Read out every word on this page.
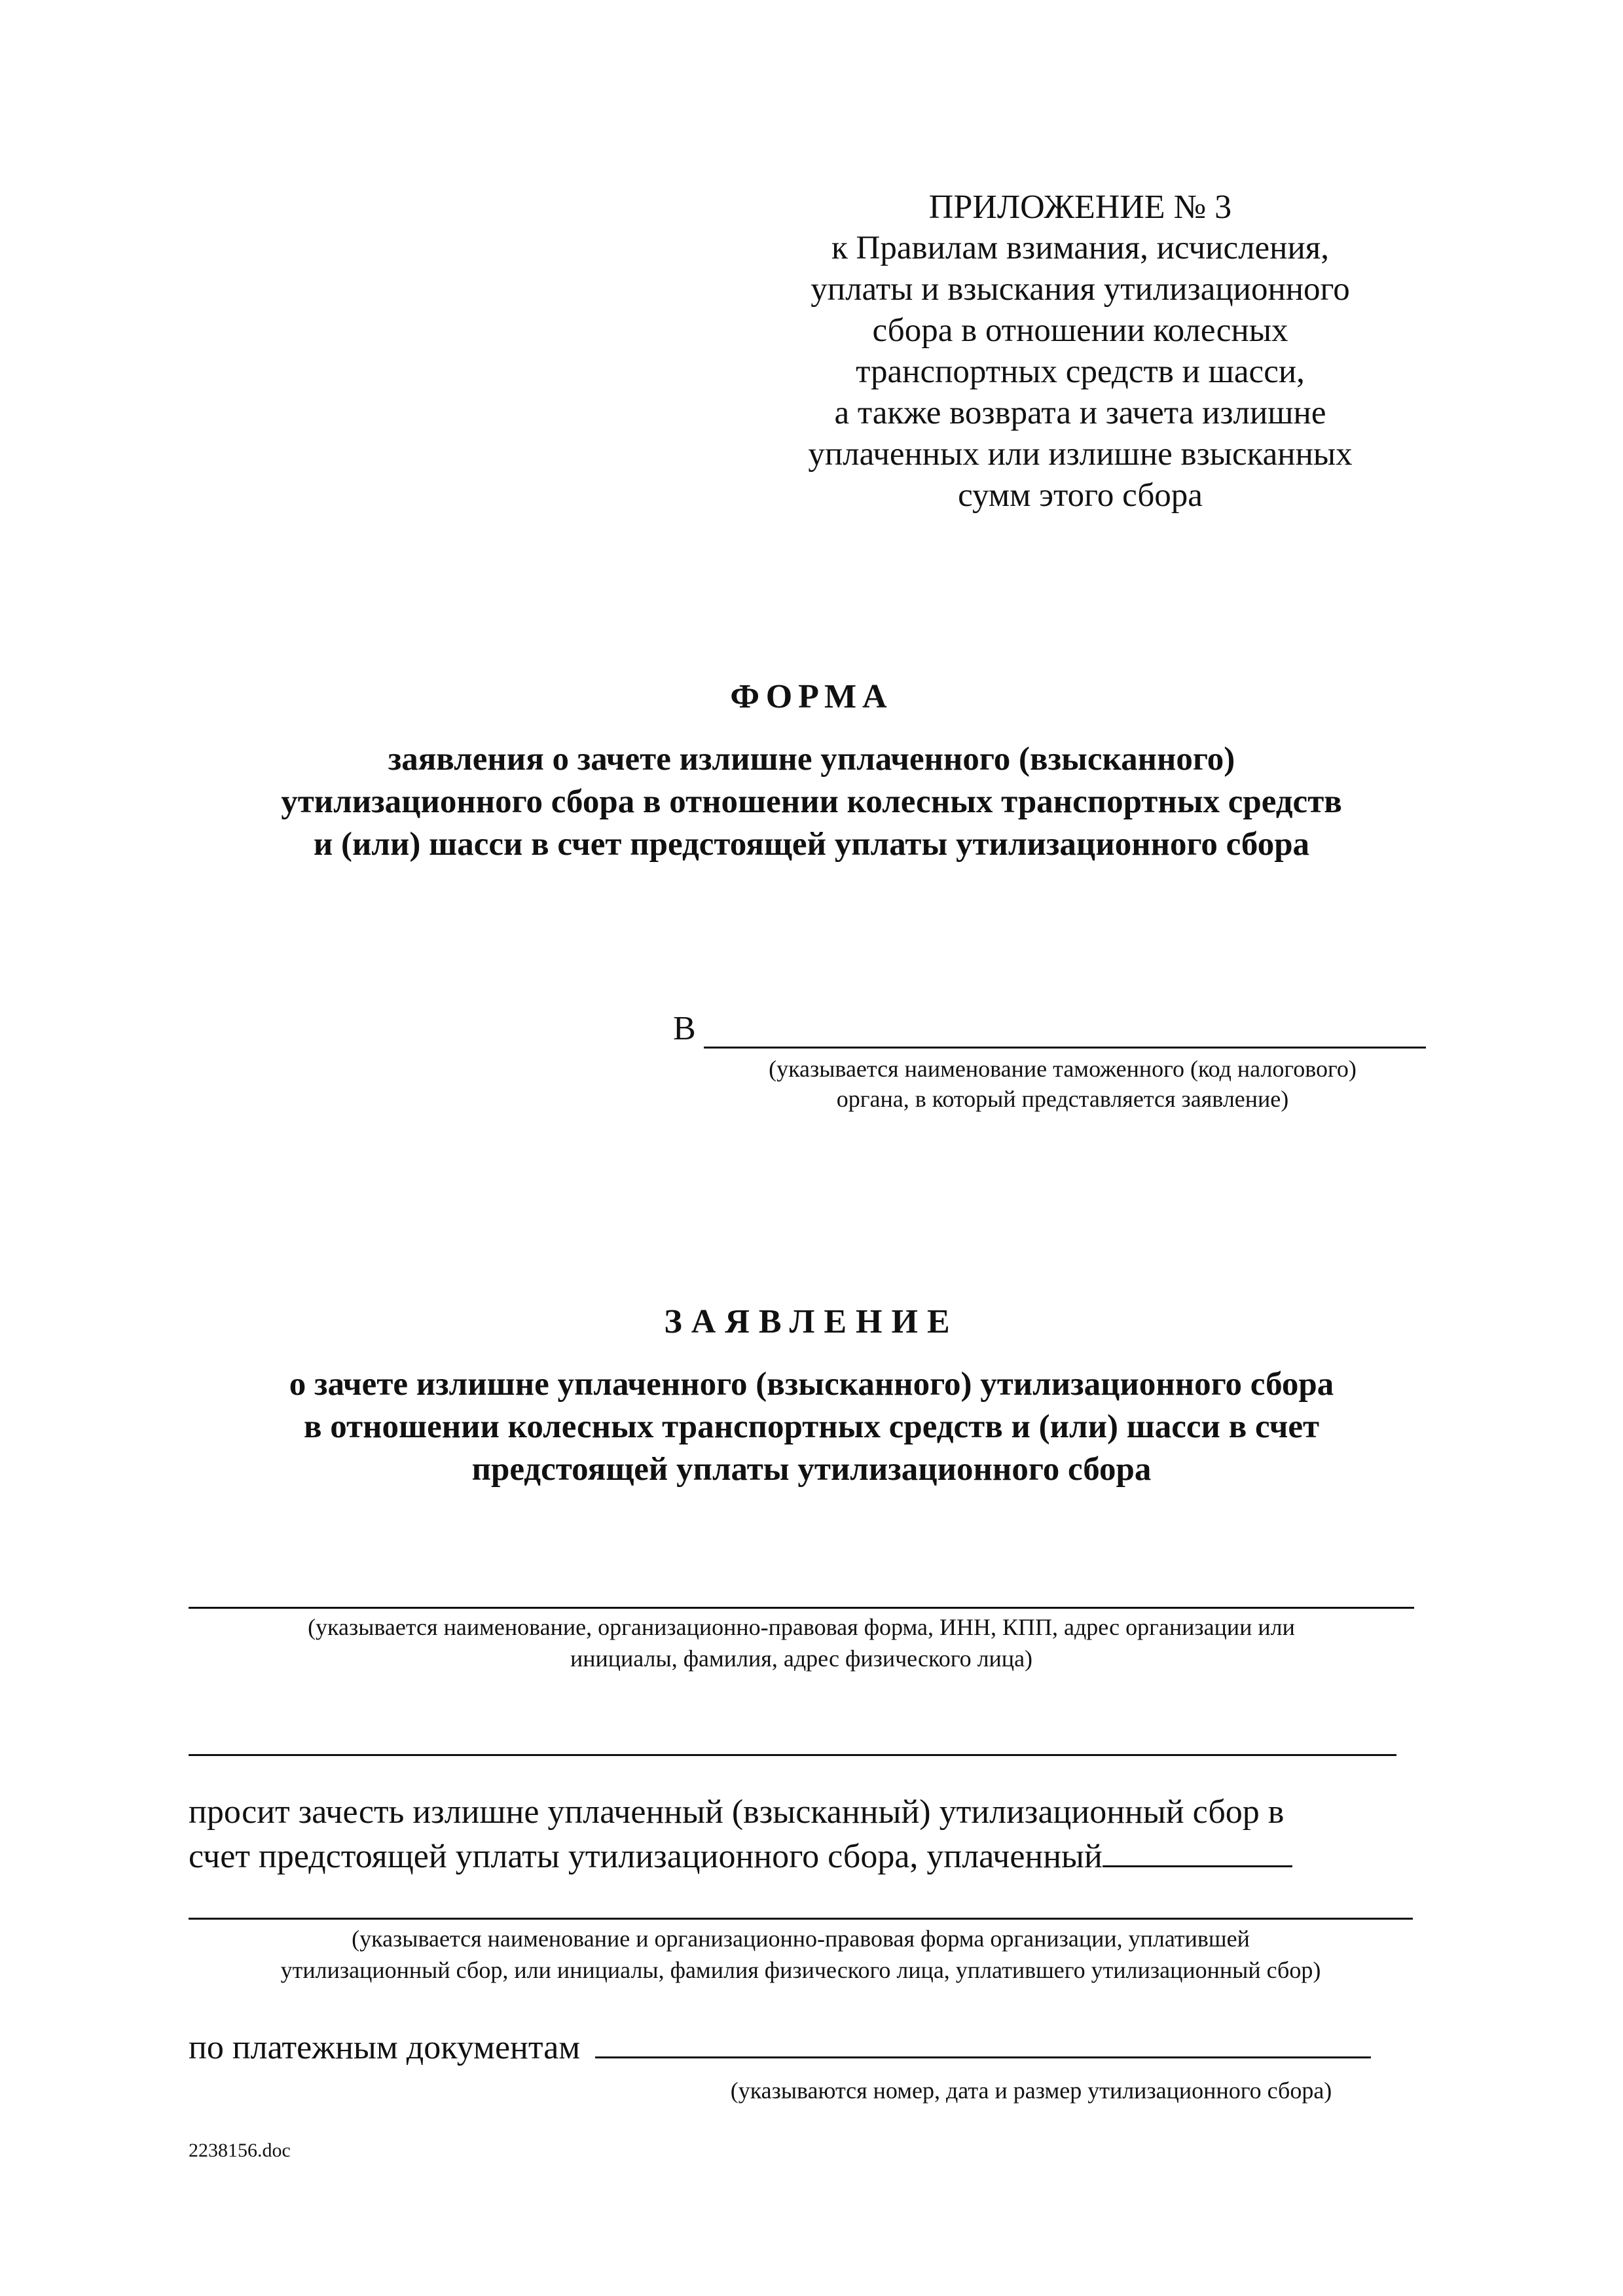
ПРИЛОЖЕНИЕ № 3
к Правилам взимания, исчисления,
уплаты и взыскания утилизационного
сбора в отношении колесных
транспортных средств и шасси,
а также возврата и зачета излишне
уплаченных или излишне взысканных
сумм этого сбора
ФОРМА
заявления о зачете излишне уплаченного (взысканного)
утилизационного сбора в отношении колесных транспортных средств
и (или) шасси в счет предстоящей уплаты утилизационного сбора
В
(указывается наименование таможенного (код налогового)
органа, в который представляется заявление)
ЗАЯВЛЕНИЕ
о зачете излишне уплаченного (взысканного) утилизационного сбора
в отношении колесных транспортных средств и (или) шасси в счет
предстоящей уплаты утилизационного сбора
(указывается наименование, организационно-правовая форма, ИНН, КПП, адрес организации или
инициалы, фамилия, адрес физического лица)
просит зачесть излишне уплаченный (взысканный) утилизационный сбор в
счет предстоящей уплаты утилизационного сбора, уплаченный
(указывается наименование и организационно-правовая форма организации, уплатившей
утилизационный сбор, или инициалы, фамилия физического лица, уплатившего утилизационный сбор)
по платежным документам
(указываются номер, дата и размер утилизационного сбора)
2238156.doc
